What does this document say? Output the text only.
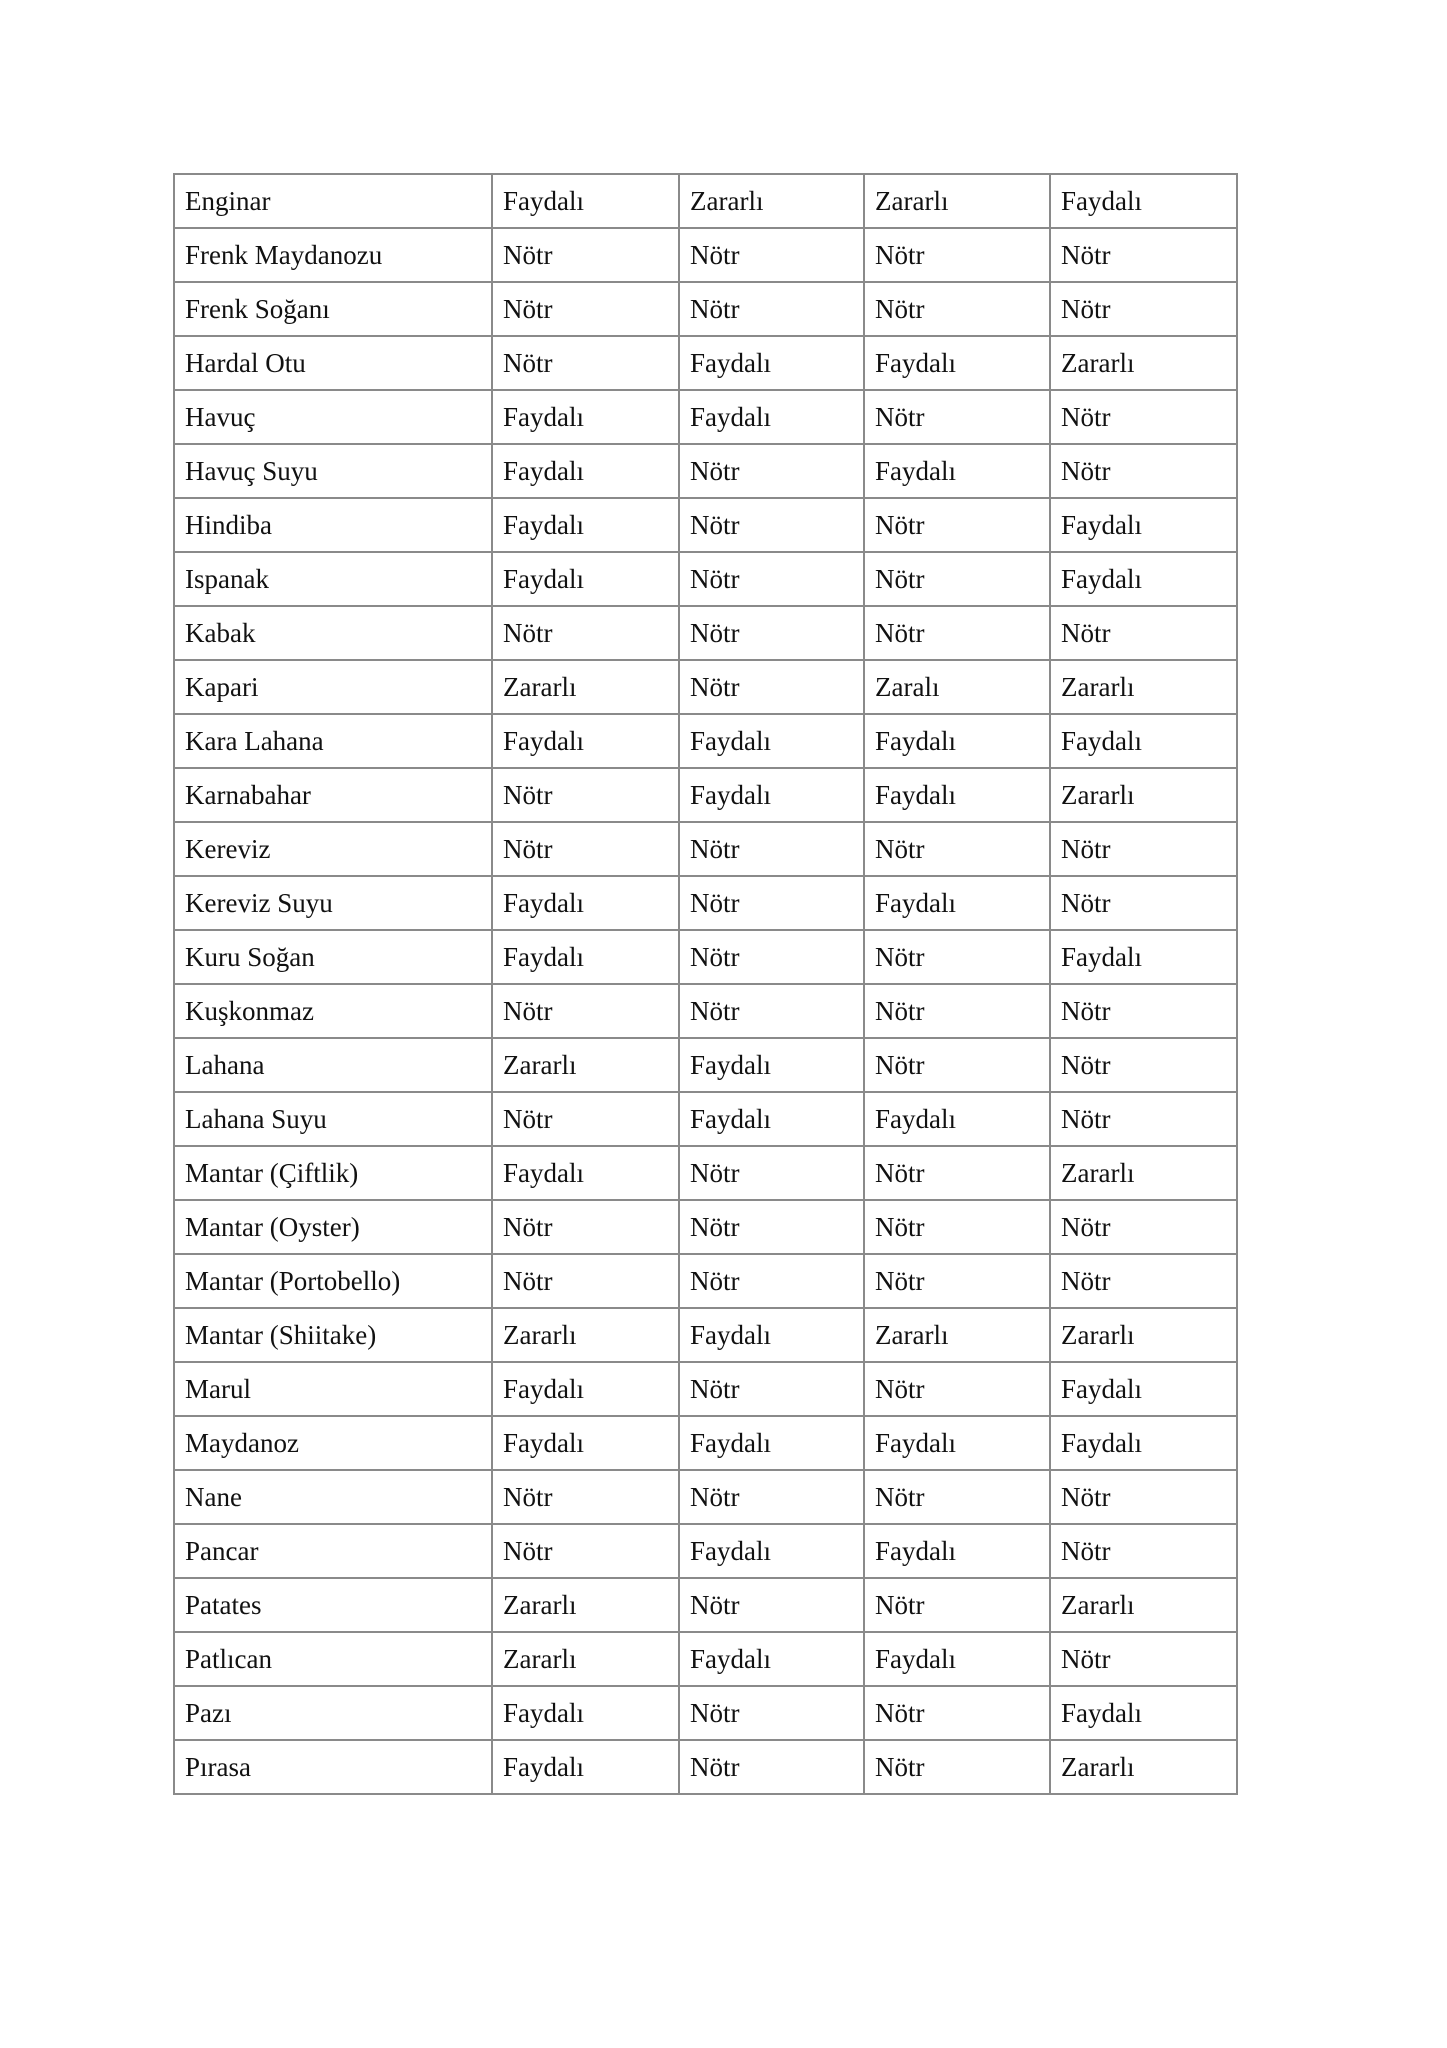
Enginar	Faydalı	Zararlı	Zararlı	Faydalı
Frenk Maydanozu	Nötr	Nötr	Nötr	Nötr
Frenk Soğanı	Nötr	Nötr	Nötr	Nötr
Hardal Otu	Nötr	Faydalı	Faydalı	Zararlı
Havuç	Faydalı	Faydalı	Nötr	Nötr
Havuç Suyu	Faydalı	Nötr	Faydalı	Nötr
Hindiba	Faydalı	Nötr	Nötr	Faydalı
Ispanak	Faydalı	Nötr	Nötr	Faydalı
Kabak	Nötr	Nötr	Nötr	Nötr
Kapari	Zararlı	Nötr	Zaralı	Zararlı
Kara Lahana	Faydalı	Faydalı	Faydalı	Faydalı
Karnabahar	Nötr	Faydalı	Faydalı	Zararlı
Kereviz	Nötr	Nötr	Nötr	Nötr
Kereviz Suyu	Faydalı	Nötr	Faydalı	Nötr
Kuru Soğan	Faydalı	Nötr	Nötr	Faydalı
Kuşkonmaz	Nötr	Nötr	Nötr	Nötr
Lahana	Zararlı	Faydalı	Nötr	Nötr
Lahana Suyu	Nötr	Faydalı	Faydalı	Nötr
Mantar (Çiftlik)	Faydalı	Nötr	Nötr	Zararlı
Mantar (Oyster)	Nötr	Nötr	Nötr	Nötr
Mantar (Portobello)	Nötr	Nötr	Nötr	Nötr
Mantar (Shiitake)	Zararlı	Faydalı	Zararlı	Zararlı
Marul	Faydalı	Nötr	Nötr	Faydalı
Maydanoz	Faydalı	Faydalı	Faydalı	Faydalı
Nane	Nötr	Nötr	Nötr	Nötr
Pancar	Nötr	Faydalı	Faydalı	Nötr
Patates	Zararlı	Nötr	Nötr	Zararlı
Patlıcan	Zararlı	Faydalı	Faydalı	Nötr
Pazı	Faydalı	Nötr	Nötr	Faydalı
Pırasa	Faydalı	Nötr	Nötr	Zararlı
